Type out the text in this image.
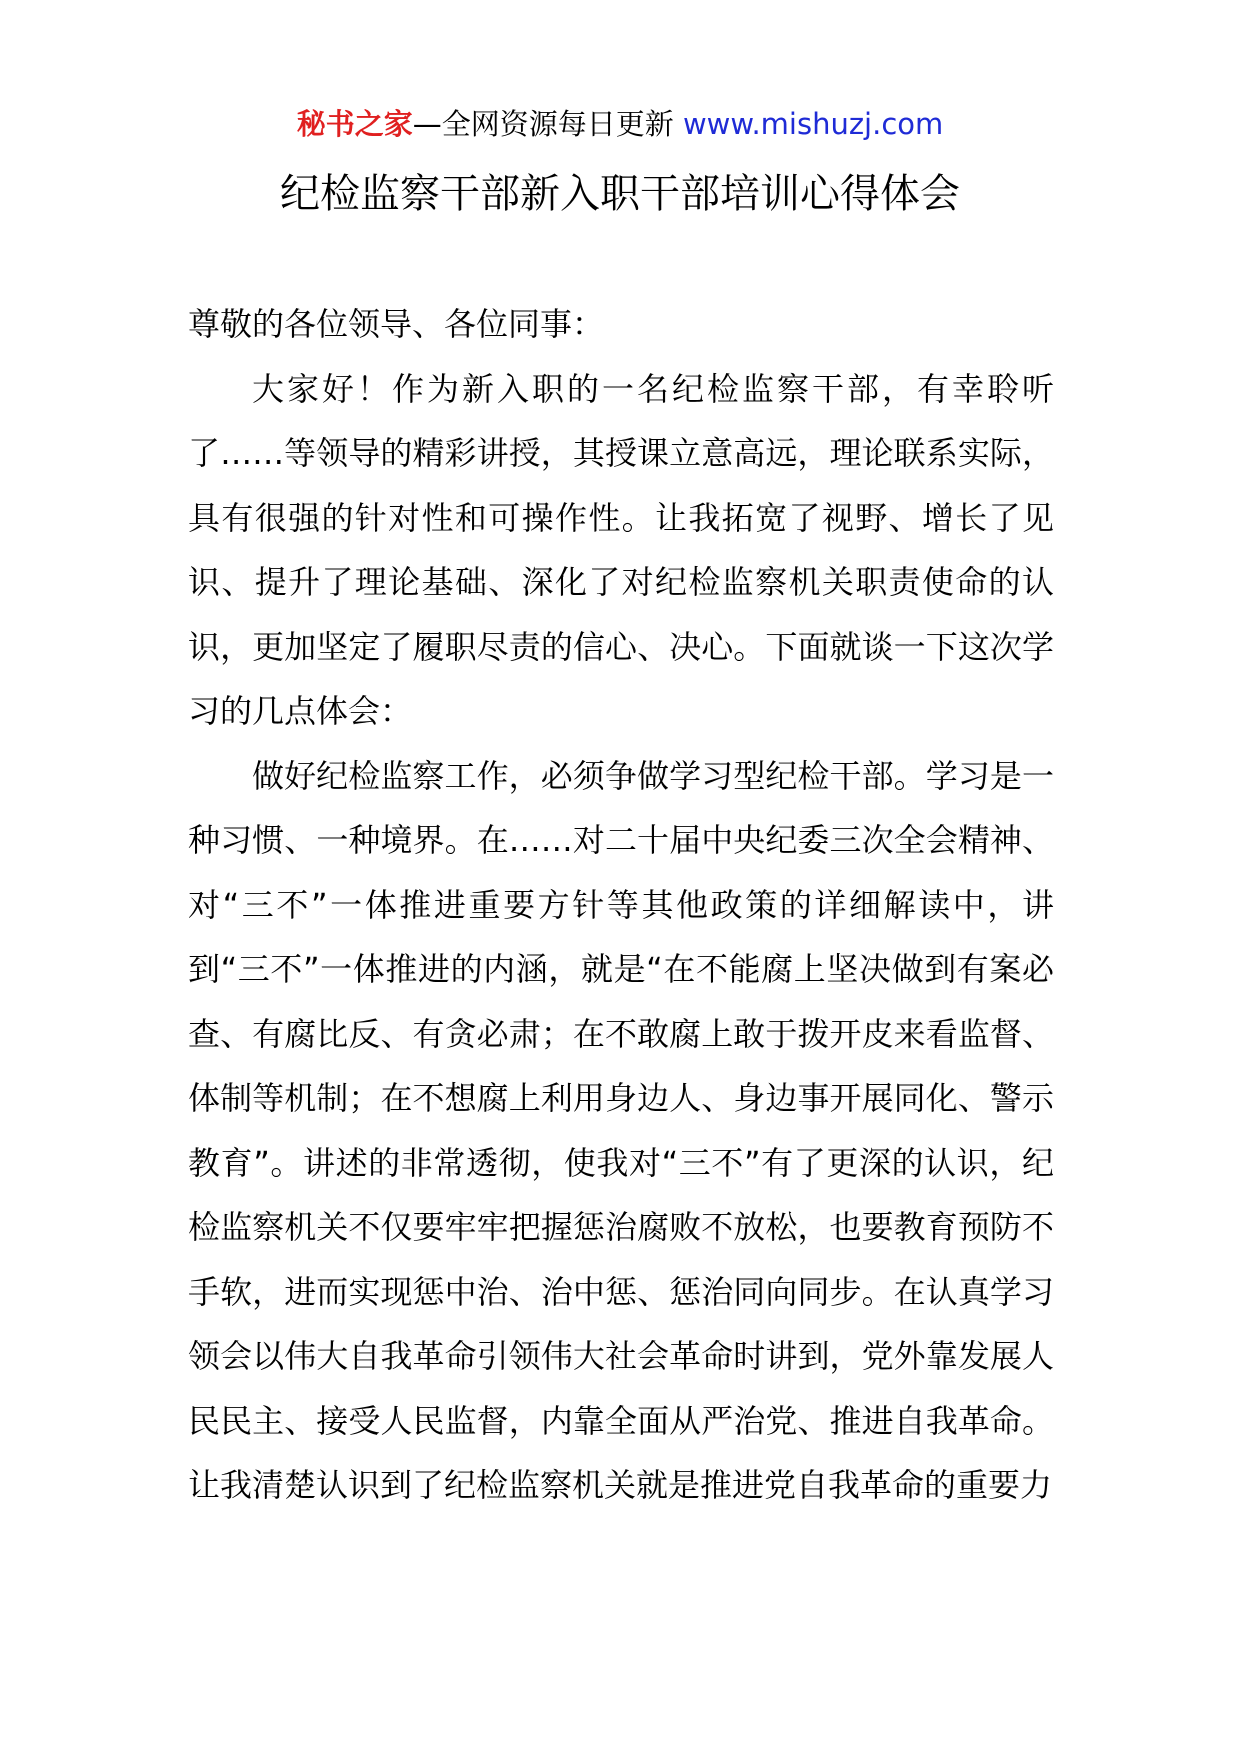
秘书之家—全网资源每日更新 www.mishuzj.com
纪检监察干部新入职干部培训心得体会

尊敬的各位领导、各位同事：

大家好！作为新入职的一名纪检监察干部，有幸聆听了……等领导的精彩讲授，其授课立意高远，理论联系实际，具有很强的针对性和可操作性。让我拓宽了视野、增长了见识、提升了理论基础、深化了对纪检监察机关职责使命的认识，更加坚定了履职尽责的信心、决心。下面就谈一下这次学习的几点体会：

做好纪检监察工作，必须争做学习型纪检干部。学习是一种习惯、一种境界。在……对二十届中央纪委三次全会精神、对“三不”一体推进重要方针等其他政策的详细解读中，讲到“三不”一体推进的内涵，就是“在不能腐上坚决做到有案必查、有腐比反、有贪必肃；在不敢腐上敢于拨开皮来看监督、体制等机制；在不想腐上利用身边人、身边事开展同化、警示教育”。讲述的非常透彻，使我对“三不”有了更深的认识，纪检监察机关不仅要牢牢把握惩治腐败不放松，也要教育预防不手软，进而实现惩中治、治中惩、惩治同向同步。在认真学习领会以伟大自我革命引领伟大社会革命时讲到，党外靠发展人民民主、接受人民监督，内靠全面从严治党、推进自我革命。让我清楚认识到了纪检监察机关就是推进党自我革命的重要力
